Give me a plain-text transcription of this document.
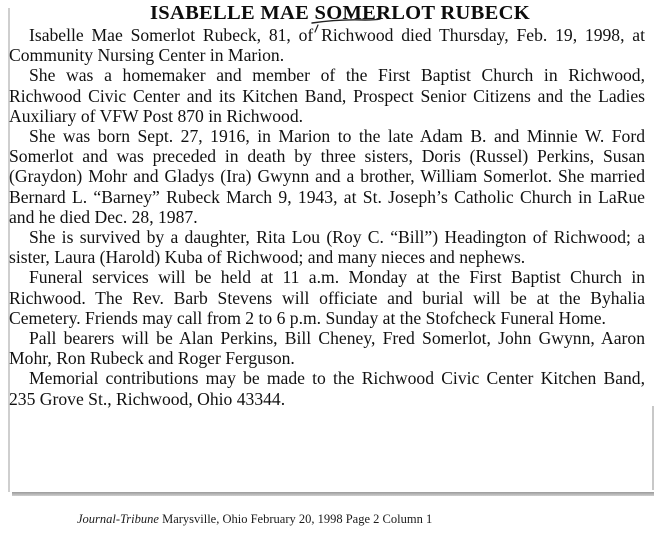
ISABELLE MAE SOMERLOT RUBECK

Isabelle Mae Somerlot Rubeck, 81, of Richwood died Thursday, Feb. 19, 1998, at Community Nursing Center in Marion.

She was a homemaker and member of the First Baptist Church in Richwood, Richwood Civic Center and its Kitchen Band, Prospect Senior Citizens and the Ladies Auxiliary of VFW Post 870 in Richwood.

She was born Sept. 27, 1916, in Marion to the late Adam B. and Minnie W. Ford Somerlot and was preceded in death by three sisters, Doris (Russel) Perkins, Susan (Graydon) Mohr and Gladys (Ira) Gwynn and a brother, William Somerlot. She married Bernard L. “Barney” Rubeck March 9, 1943, at St. Joseph’s Catholic Church in LaRue and he died Dec. 28, 1987.

She is survived by a daughter, Rita Lou (Roy C. “Bill”) Headington of Richwood; a sister, Laura (Harold) Kuba of Richwood; and many nieces and nephews.

Funeral services will be held at 11 a.m. Monday at the First Baptist Church in Richwood. The Rev. Barb Stevens will officiate and burial will be at the Byhalia Cemetery. Friends may call from 2 to 6 p.m. Sunday at the Stofcheck Funeral Home.

Pall bearers will be Alan Perkins, Bill Cheney, Fred Somerlot, John Gwynn, Aaron Mohr, Ron Rubeck and Roger Ferguson.

Memorial contributions may be made to the Richwood Civic Center Kitchen Band, 235 Grove St., Richwood, Ohio 43344.

Journal-Tribune Marysville, Ohio February 20, 1998 Page 2 Column 1
